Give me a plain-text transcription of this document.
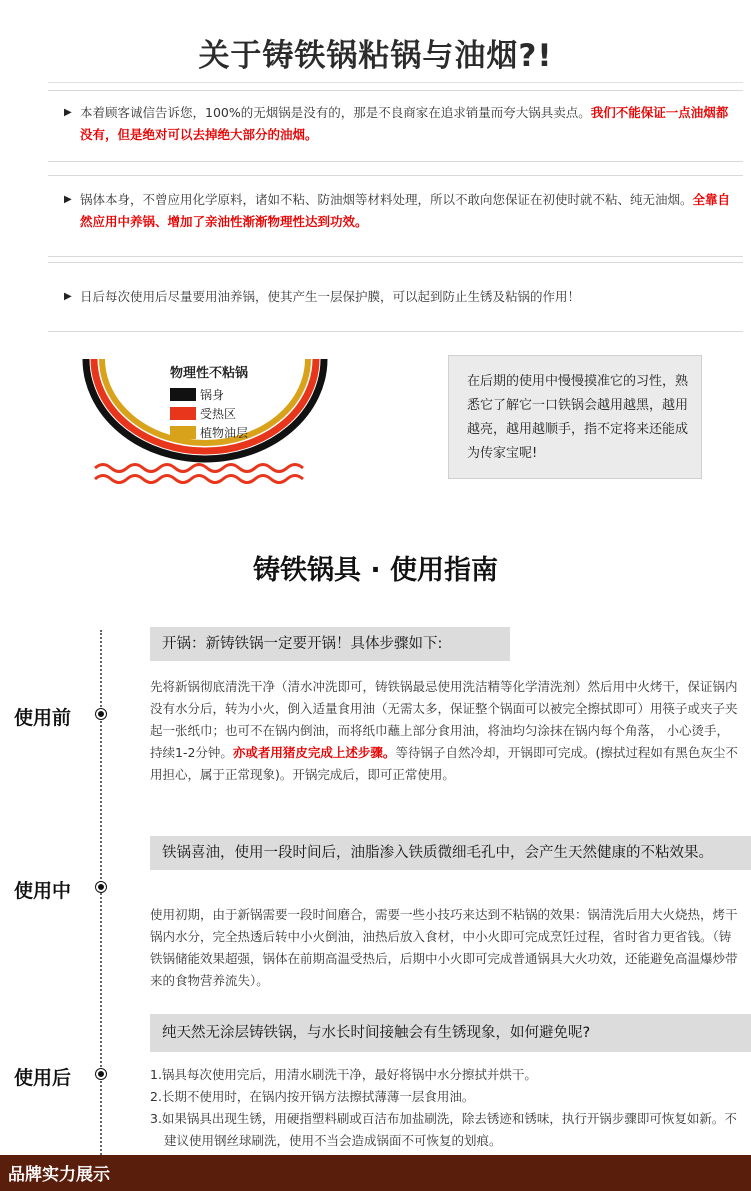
关于铸铁锅粘锅与油烟?!
▶ 本着顾客诚信告诉您，100%的无烟锅是没有的，那是不良商家在追求销量而夸大锅具卖点。我们不能保证一点油烟都没有，但是绝对可以去掉绝大部分的油烟。
▶ 锅体本身，不曾应用化学原料，诸如不粘、防油烟等材料处理，所以不敢向您保证在初使时就不粘、纯无油烟。全靠自然应用中养锅、增加了亲油性渐渐物理性达到功效。
▶ 日后每次使用后尽量要用油养锅，使其产生一层保护膜，可以起到防止生锈及粘锅的作用！
物理性不粘锅
锅身
受热区
植物油层
在后期的使用中慢慢摸准它的习性，熟悉它了解它一口铁锅会越用越黑，越用越亮，越用越顺手，指不定将来还能成为传家宝呢!
铸铁锅具 · 使用指南
使用前
开锅：新铸铁锅一定要开锅！具体步骤如下:
先将新锅彻底清洗干净（清水冲洗即可，铸铁锅最忌使用洗洁精等化学清洗剂）然后用中火烤干，保证锅内没有水分后，转为小火，倒入适量食用油（无需太多，保证整个锅面可以被完全擦拭即可）用筷子或夹子夹起一张纸巾；也可不在锅内倒油，而将纸巾蘸上部分食用油，将油均匀涂抹在锅内每个角落， 小心烫手，持续1-2分钟。亦或者用猪皮完成上述步骤。等待锅子自然冷却，开锅即可完成。(擦拭过程如有黑色灰尘不用担心，属于正常现象)。开锅完成后，即可正常使用。
使用中
铁锅喜油，使用一段时间后，油脂渗入铁质微细毛孔中，会产生天然健康的不粘效果。
使用初期，由于新锅需要一段时间磨合，需要一些小技巧来达到不粘锅的效果：锅清洗后用大火烧热，烤干锅内水分，完全热透后转中小火倒油，油热后放入食材，中小火即可完成烹饪过程，省时省力更省钱。（铸铁锅储能效果超强，锅体在前期高温受热后，后期中小火即可完成普通锅具大火功效，还能避免高温爆炒带来的食物营养流失）。
使用后
纯天然无涂层铸铁锅，与水长时间接触会有生锈现象，如何避免呢?
1.锅具每次使用完后，用清水刷洗干净，最好将锅中水分擦拭并烘干。
2.长期不使用时，在锅内按开锅方法擦拭薄薄一层食用油。
3.如果锅具出现生锈，用硬指塑料刷或百洁布加盐刷洗，除去锈迹和锈味，执行开锅步骤即可恢复如新。不建议使用钢丝球刷洗，使用不当会造成锅面不可恢复的划痕。
品牌实力展示
